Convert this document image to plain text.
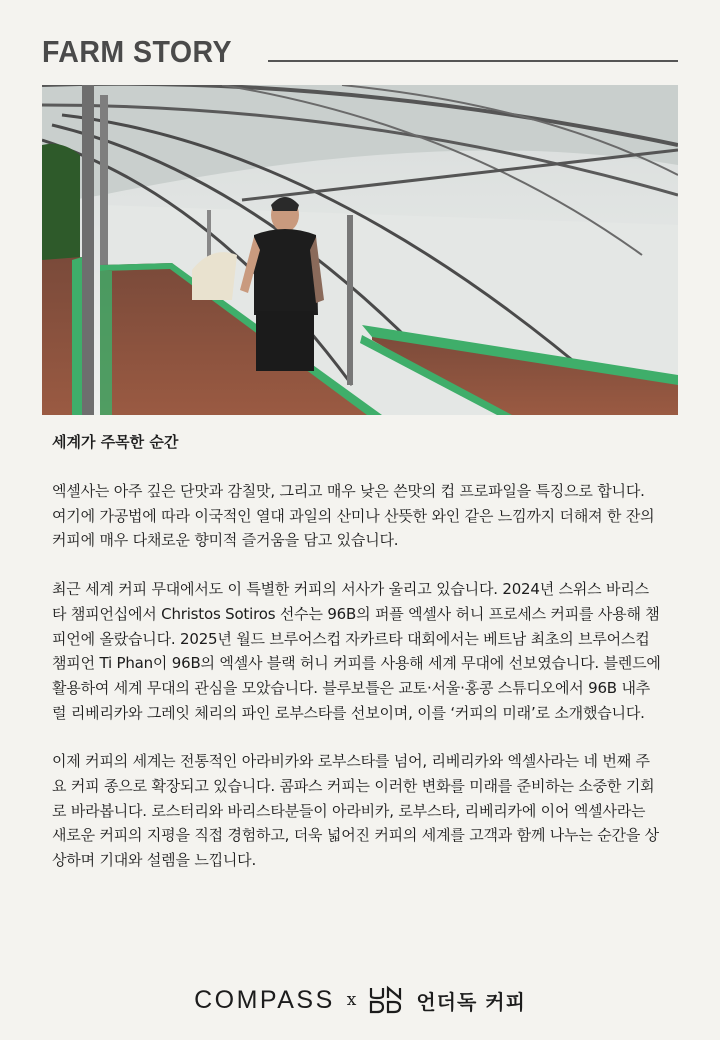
FARM STORY
세계가 주목한 순간

엑셀사는 아주 깊은 단맛과 감칠맛, 그리고 매우 낮은 쓴맛의 컵 프로파일을 특징으로 합니다. 여기에 가공법에 따라 이국적인 열대 과일의 산미나 산뜻한 와인 같은 느낌까지 더해져 한 잔의 커피에 매우 다채로운 향미적 즐거움을 담고 있습니다.

최근 세계 커피 무대에서도 이 특별한 커피의 서사가 울리고 있습니다. 2024년 스위스 바리스타 챔피언십에서 Christos Sotiros 선수는 96B의 퍼플 엑셀사 허니 프로세스 커피를 사용해 챔피언에 올랐습니다. 2025년 월드 브루어스컵 자카르타 대회에서는 베트남 최초의 브루어스컵 챔피언 Ti Phan이 96B의 엑셀사 블랙 허니 커피를 사용해 세계 무대에 선보였습니다. 블렌드에 활용하여 세계 무대의 관심을 모았습니다. 블루보틀은 교토·서울·홍콩 스튜디오에서 96B 내추럴 리베리카와 그레잇 체리의 파인 로부스타를 선보이며, 이를 ‘커피의 미래’로 소개했습니다.

이제 커피의 세계는 전통적인 아라비카와 로부스타를 넘어, 리베리카와 엑셀사라는 네 번째 주요 커피 종으로 확장되고 있습니다. 콤파스 커피는 이러한 변화를 미래를 준비하는 소중한 기회로 바라봅니다. 로스터리와 바리스타분들이 아라비카, 로부스타, 리베리카에 이어 엑셀사라는 새로운 커피의 지평을 직접 경험하고, 더욱 넓어진 커피의 세계를 고객과 함께 나누는 순간을 상상하며 기대와 설렘을 느낍니다.

COMPASS x	언더독 커피
